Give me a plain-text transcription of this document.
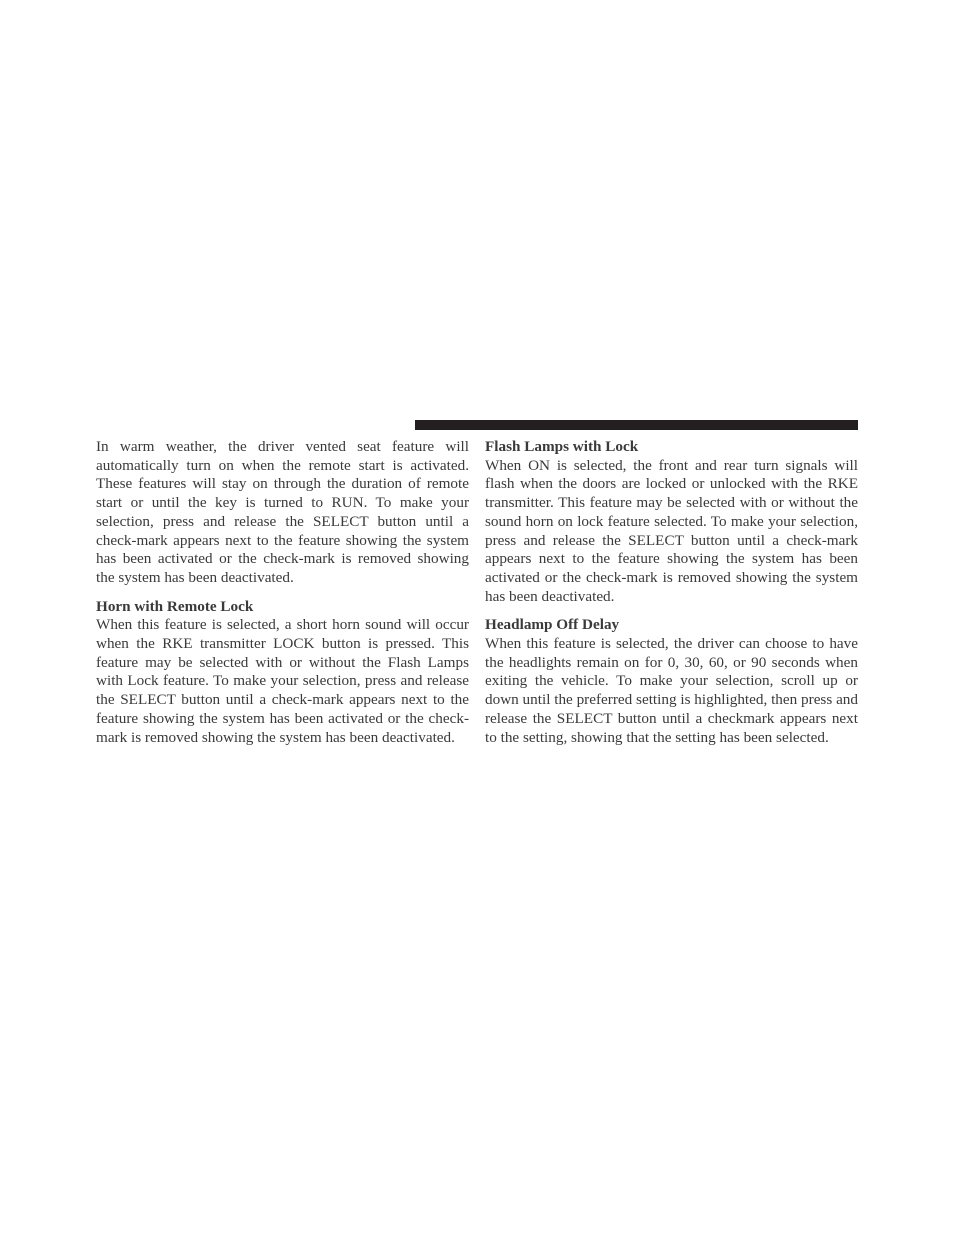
In warm weather, the driver vented seat feature will automatically turn on when the remote start is activated. These features will stay on through the duration of remote start or until the key is turned to RUN. To make your selection, press and release the SELECT button until a check-mark appears next to the feature showing the system has been activated or the check-mark is removed showing the system has been deactivated.

Horn with Remote Lock

When this feature is selected, a short horn sound will occur when the RKE transmitter LOCK button is pressed. This feature may be selected with or without the Flash Lamps with Lock feature. To make your selection, press and release the SELECT button until a check-mark appears next to the feature showing the system has been activated or the check-mark is removed showing the system has been deactivated.

Flash Lamps with Lock

When ON is selected, the front and rear turn signals will flash when the doors are locked or unlocked with the RKE transmitter. This feature may be selected with or without the sound horn on lock feature selected. To make your selection, press and release the SELECT button until a check-mark appears next to the feature showing the system has been activated or the check-mark is removed showing the system has been deactivated.

Headlamp Off Delay

When this feature is selected, the driver can choose to have the headlights remain on for 0, 30, 60, or 90 seconds when exiting the vehicle. To make your selection, scroll up or down until the preferred setting is highlighted, then press and release the SELECT button until a checkmark appears next to the setting, showing that the setting has been selected.
